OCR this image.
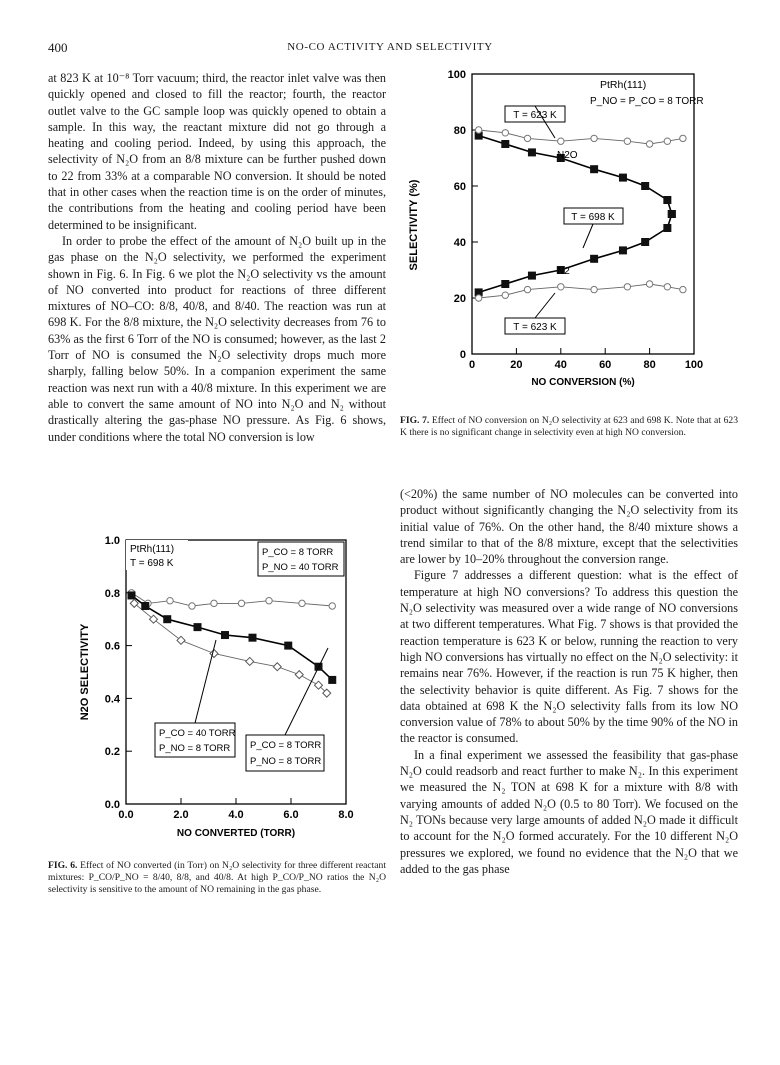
400	NO-CO ACTIVITY AND SELECTIVITY

at 823 K at 10⁻⁸ Torr vacuum; third, the reactor inlet valve was then quickly opened and closed to fill the reactor; fourth, the reactor outlet valve to the GC sample loop was quickly opened to obtain a sample. In this way, the reactant mixture did not go through a heating and cooling period. Indeed, by using this approach, the selectivity of N₂O from an 8/8 mixture can be further pushed down to 22 from 33% at a comparable NO conversion. It should be noted that in other cases when the reaction time is on the order of minutes, the contributions from the heating and cooling period have been determined to be insignificant.

In order to probe the effect of the amount of N₂O built up in the gas phase on the N₂O selectivity, we performed the experiment shown in Fig. 6. In Fig. 6 we plot the N₂O selectivity vs the amount of NO converted into product for reactions of three different mixtures of NO–CO: 8/8, 40/8, and 8/40. The reaction was run at 698 K. For the 8/8 mixture, the N₂O selectivity decreases from 76 to 63% as the first 6 Torr of the NO is consumed; however, as the last 2 Torr of NO is consumed the N₂O selectivity drops much more sharply, falling below 50%. In a companion experiment the same reaction was next run with a 40/8 mixture. In this experiment we are able to convert the same amount of NO into N₂O and N₂ without drastically altering the gas-phase NO pressure. As Fig. 6 shows, under conditions where the total NO conversion is low

SELECTIVITY (%)
NO CONVERSION (%)
0	20	40	60	80	100
0
20
40
60
80
100
PtRh(111)
P_NO = P_CO = 8 TORR
T = 623 K
T = 698 K
T = 623 K
N2O
N2
FIG. 7. Effect of NO conversion on N₂O selectivity at 623 and 698 K. Note that at 623 K there is no significant change in selectivity even at high NO conversion.

(<20%) the same number of NO molecules can be converted into product without significantly changing the N₂O selectivity from its initial value of 76%. On the other hand, the 8/40 mixture shows a trend similar to that of the 8/8 mixture, except that the selectivities are lower by 10–20% throughout the conversion range.

Figure 7 addresses a different question: what is the effect of temperature at high NO conversions? To address this question the N₂O selectivity was measured over a wide range of NO conversions at two different temperatures. What Fig. 7 shows is that provided the reaction temperature is 623 K or below, running the reaction to very high NO conversions has virtually no effect on the N₂O selectivity: it remains near 76%. However, if the reaction is run 75 K higher, then the selectivity behavior is quite different. As Fig. 7 shows for the data obtained at 698 K the N₂O selectivity falls from its low NO conversion value of 78% to about 50% by the time 90% of the NO in the reactor is consumed.

In a final experiment we assessed the feasibility that gas-phase N₂O could readsorb and react further to make N₂. In this experiment we measured the N₂ TON at 698 K for a mixture with 8/8 with varying amounts of added N₂O (0.5 to 80 Torr). We focused on the N₂ TONs because very large amounts of added N₂O made it difficult to account for the N₂O formed accurately. For the 10 different N₂O pressures we explored, we found no evidence that the N₂O that we added to the gas phase

N2O SELECTIVITY
NO CONVERTED (TORR)
0.0	2.0	4.0	6.0	8.0
0.0
0.2
0.4
0.6
0.8
1.0
PtRh(111)
T = 698 K
P_CO = 8 TORR
P_NO = 40 TORR
P_CO = 40 TORR
P_NO = 8 TORR P_CO = 8 TORR
P_NO = 8 TORR
FIG. 6. Effect of NO converted (in Torr) on N₂O selectivity for three different reactant mixtures: P_CO/P_NO = 8/40, 8/8, and 40/8. At high P_CO/P_NO ratios the N₂O selectivity is sensitive to the amount of NO remaining in the gas phase.
